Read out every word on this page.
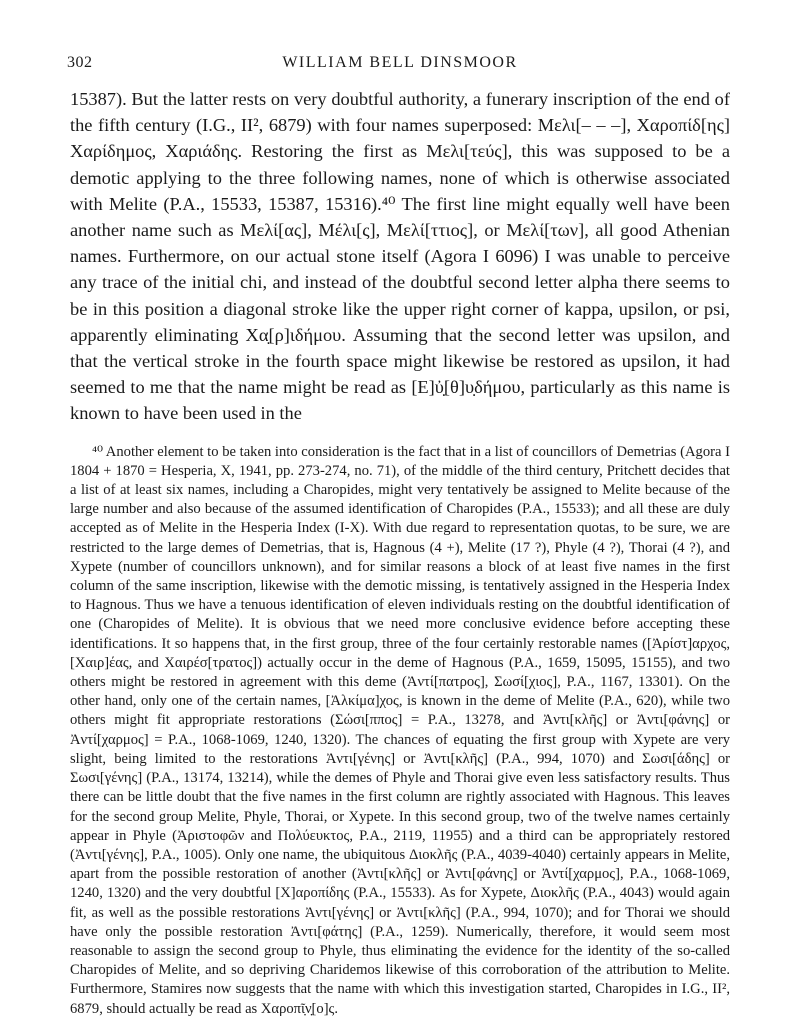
302	WILLIAM BELL DINSMOOR

15387). But the latter rests on very doubtful authority, a funerary inscription of the end of the fifth century (I.G., II², 6879) with four names superposed: Μελι[– – –], Χαροπίδ[ης] Χαρίδημος, Χαριάδης. Restoring the first as Μελι[τεύς], this was supposed to be a demotic applying to the three following names, none of which is otherwise associated with Melite (P.A., 15533, 15387, 15316).⁴⁰ The first line might equally well have been another name such as Μελί[ας], Μέλι[ς], Μελί[ττιος], or Μελί[των], all good Athenian names. Furthermore, on our actual stone itself (Agora I 6096) I was unable to perceive any trace of the initial chi, and instead of the doubtful second letter alpha there seems to be in this position a diagonal stroke like the upper right corner of kappa, upsilon, or psi, apparently eliminating Χα̣[ρ]ιδήμου. Assuming that the second letter was upsilon, and that the vertical stroke in the fourth space might likewise be restored as upsilon, it had seemed to me that the name might be read as [Ε]ὐ̣[θ]υ̣δήμου, particularly as this name is known to have been used in the

⁴⁰ Another element to be taken into consideration is the fact that in a list of councillors of Demetrias (Agora I 1804 + 1870 = Hesperia, X, 1941, pp. 273-274, no. 71), of the middle of the third century, Pritchett decides that a list of at least six names, including a Charopides, might very tentatively be assigned to Melite because of the large number and also because of the assumed identification of Charopides (P.A., 15533); and all these are duly accepted as of Melite in the Hesperia Index (I-X). With due regard to representation quotas, to be sure, we are restricted to the large demes of Demetrias, that is, Hagnous (4 +), Melite (17 ?), Phyle (4 ?), Thorai (4 ?), and Xypete (number of councillors unknown), and for similar reasons a block of at least five names in the first column of the same inscription, likewise with the demotic missing, is tentatively assigned in the Hesperia Index to Hagnous. Thus we have a tenuous identification of eleven individuals resting on the doubtful identification of one (Charopides of Melite). It is obvious that we need more conclusive evidence before accepting these identifications. It so happens that, in the first group, three of the four certainly restorable names ([Ἀρίστ]αρχος, [Χαιρ]έας, and Χαιρέσ[τρατος]) actually occur in the deme of Hagnous (P.A., 1659, 15095, 15155), and two others might be restored in agreement with this deme (Ἀντί[πατρος], Σωσί[χιος], P.A., 1167, 13301). On the other hand, only one of the certain names, [Ἀλκίμα]χος, is known in the deme of Melite (P.A., 620), while two others might fit appropriate restorations (Σώσι[ππος] = P.A., 13278, and Ἀντι[κλῆς] or Ἀντι[φάνης] or Ἀντί[χαρμος] = P.A., 1068-1069, 1240, 1320). The chances of equating the first group with Xypete are very slight, being limited to the restorations Ἀντι[γένης] or Ἀντι[κλῆς] (P.A., 994, 1070) and Σωσι[άδης] or Σωσι[γένης] (P.A., 13174, 13214), while the demes of Phyle and Thorai give even less satisfactory results. Thus there can be little doubt that the five names in the first column are rightly associated with Hagnous. This leaves for the second group Melite, Phyle, Thorai, or Xypete. In this second group, two of the twelve names certainly appear in Phyle (Ἀριστοφῶν and Πολύευκτος, P.A., 2119, 11955) and a third can be appropriately restored (Ἀντι[γένης], P.A., 1005). Only one name, the ubiquitous Διοκλῆς (P.A., 4039-4040) certainly appears in Melite, apart from the possible restoration of another (Ἀντι[κλῆς] or Ἀντι[φάνης] or Ἀντί[χαρμος], P.A., 1068-1069, 1240, 1320) and the very doubtful [Χ]αροπίδης (P.A., 15533). As for Xypete, Διοκλῆς (P.A., 4043) would again fit, as well as the possible restorations Ἀντι[γένης] or Ἀντι[κλῆς] (P.A., 994, 1070); and for Thorai we should have only the possible restoration Ἀντι[φάτης] (P.A., 1259). Numerically, therefore, it would seem most reasonable to assign the second group to Phyle, thus eliminating the evidence for the identity of the so-called Charopides of Melite, and so depriving Charidemos likewise of this corroboration of the attribution to Melite. Furthermore, Stamires now suggests that the name with which this investigation started, Charopides in I.G., II², 6879, should actually be read as Χαροπῖ̣ν̣[ο]ς.
